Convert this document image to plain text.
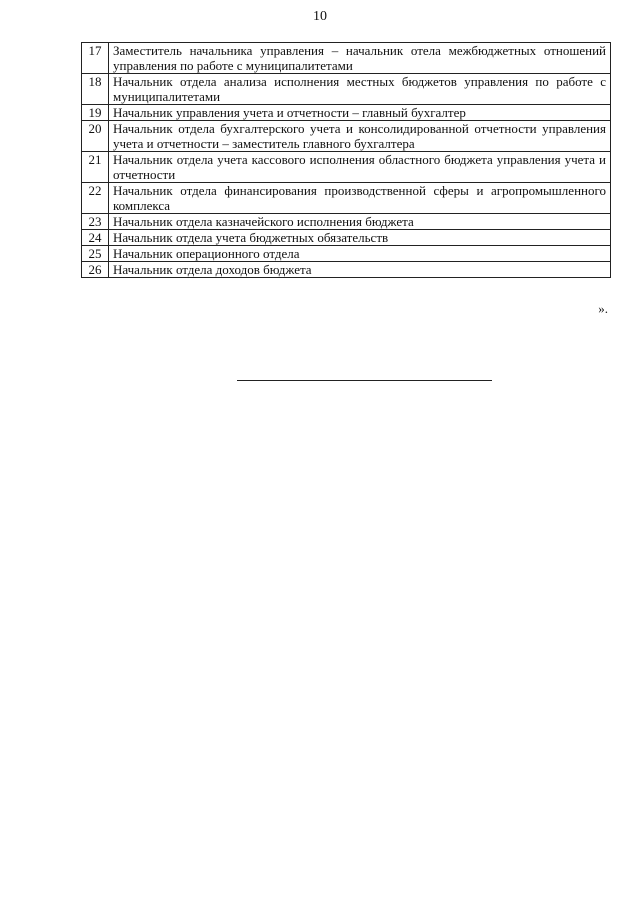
10
17	Заместитель начальника управления – начальник отела межбюджетных отношений управления по работе с муниципалитетами
18	Начальник отдела анализа исполнения местных бюджетов управления по работе с муниципалитетами
19	Начальник управления учета и отчетности – главный бухгалтер
20	Начальник отдела бухгалтерского учета и консолидированной отчетности управления учета и отчетности – заместитель главного бухгалтера
21	Начальник отдела учета кассового исполнения областного бюджета управления учета и отчетности
22	Начальник отдела финансирования производственной сферы и агропромышленного комплекса
23	Начальник отдела казначейского исполнения бюджета
24	Начальник отдела учета бюджетных обязательств
25	Начальник операционного отдела
26	Начальник отдела доходов бюджета
».
